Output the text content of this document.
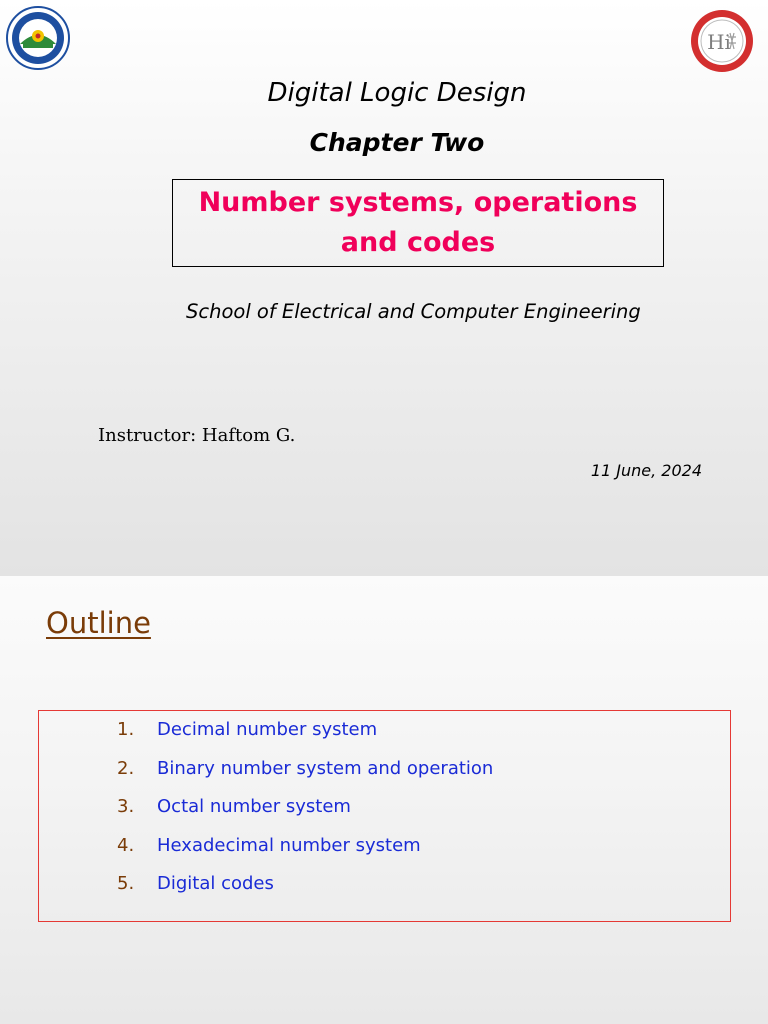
Hi
Digital Logic Design
Chapter Two
Number systems, operations and codes
School of Electrical and Computer Engineering
Instructor: Haftom G.
11 June, 2024
Outline
1. Decimal number system
2. Binary number system and operation
3. Octal number system
4. Hexadecimal number system
5. Digital codes
